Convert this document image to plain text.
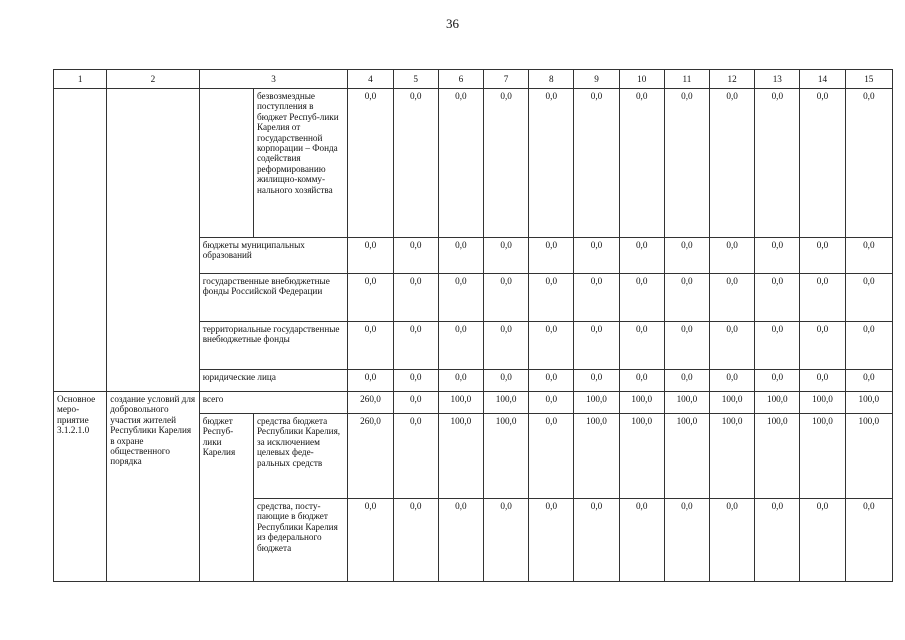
36
1	2	3		4	5	6	7	8	9	10	11	12	13	14	15
			безвозмездные поступления в бюджет Респуб-лики Карелия от государственной корпорации – Фонда содействия реформированию жилищно-комму-нального хозяйства	0,0	0,0	0,0	0,0	0,0	0,0	0,0	0,0	0,0	0,0	0,0	0,0
		бюджеты муниципальных образований		0,0	0,0	0,0	0,0	0,0	0,0	0,0	0,0	0,0	0,0	0,0	0,0
		государственные внебюджетные фонды Российской Федерации		0,0	0,0	0,0	0,0	0,0	0,0	0,0	0,0	0,0	0,0	0,0	0,0
		территориальные государственные внебюджетные фонды		0,0	0,0	0,0	0,0	0,0	0,0	0,0	0,0	0,0	0,0	0,0	0,0
		юридические лица		0,0	0,0	0,0	0,0	0,0	0,0	0,0	0,0	0,0	0,0	0,0	0,0
Основное меро-приятие 3.1.2.1.0	создание условий для добровольного участия жителей Республики Карелия в охране общественного порядка	всего		260,0	0,0	100,0	100,0	0,0	100,0	100,0	100,0	100,0	100,0	100,0	100,0
		бюджет Респуб-лики Карелия	средства бюджета Республики Карелия, за исключением целевых феде-ральных средств	260,0	0,0	100,0	100,0	0,0	100,0	100,0	100,0	100,0	100,0	100,0	100,0
			средства, посту-пающие в бюджет Республики Карелия из федерального бюджета	0,0	0,0	0,0	0,0	0,0	0,0	0,0	0,0	0,0	0,0	0,0	0,0
